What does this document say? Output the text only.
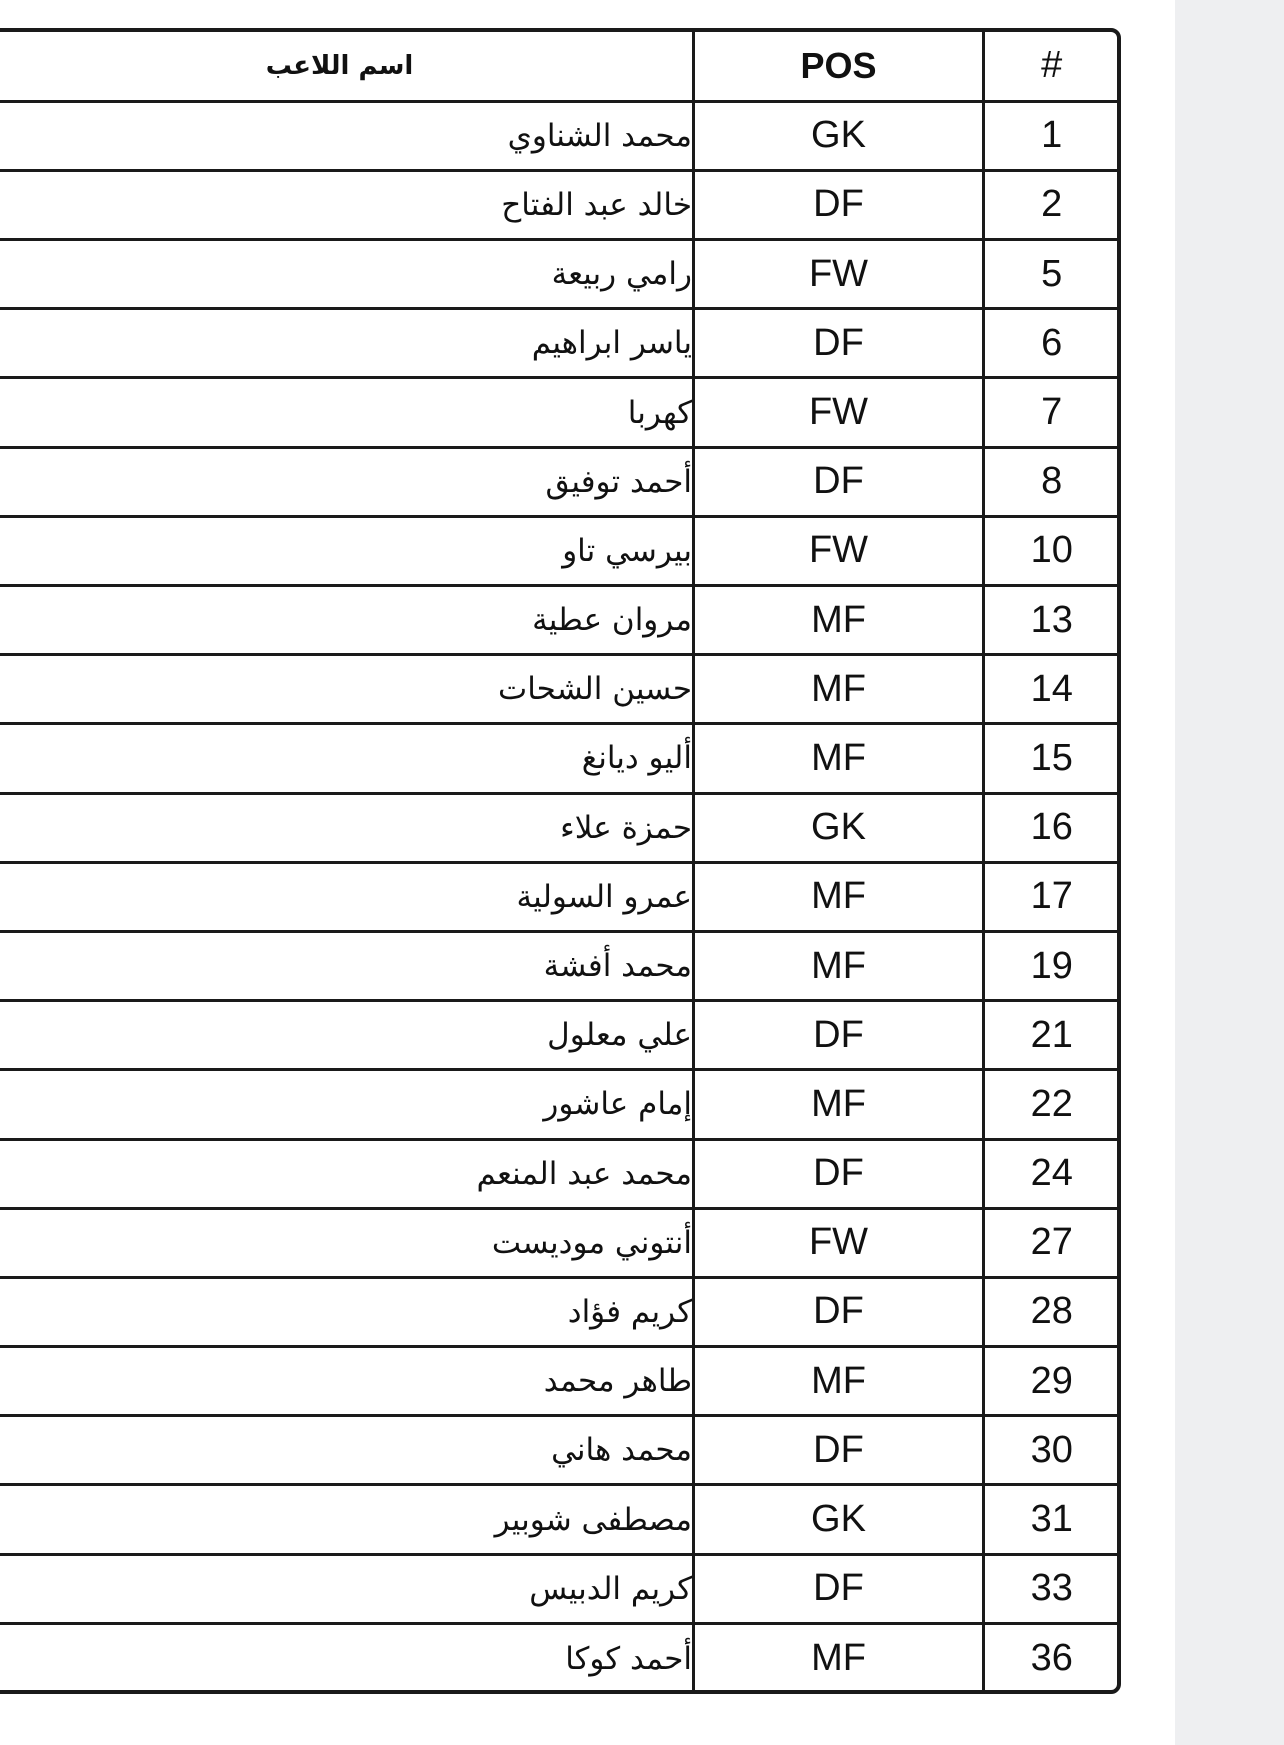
اسم اللاعب	POS	#
محمد الشناوي	GK	1
خالد عبد الفتاح	DF	2
رامي ربيعة	FW	5
ياسر ابراهيم	DF	6
كهربا	FW	7
أحمد توفيق	DF	8
بيرسي تاو	FW	10
مروان عطية	MF	13
حسين الشحات	MF	14
أليو ديانغ	MF	15
حمزة علاء	GK	16
عمرو السولية	MF	17
محمد أفشة	MF	19
علي معلول	DF	21
إمام عاشور	MF	22
محمد عبد المنعم	DF	24
أنتوني موديست	FW	27
كريم فؤاد	DF	28
طاهر محمد	MF	29
محمد هاني	DF	30
مصطفى شوبير	GK	31
كريم الدبيس	DF	33
أحمد كوكا	MF	36
